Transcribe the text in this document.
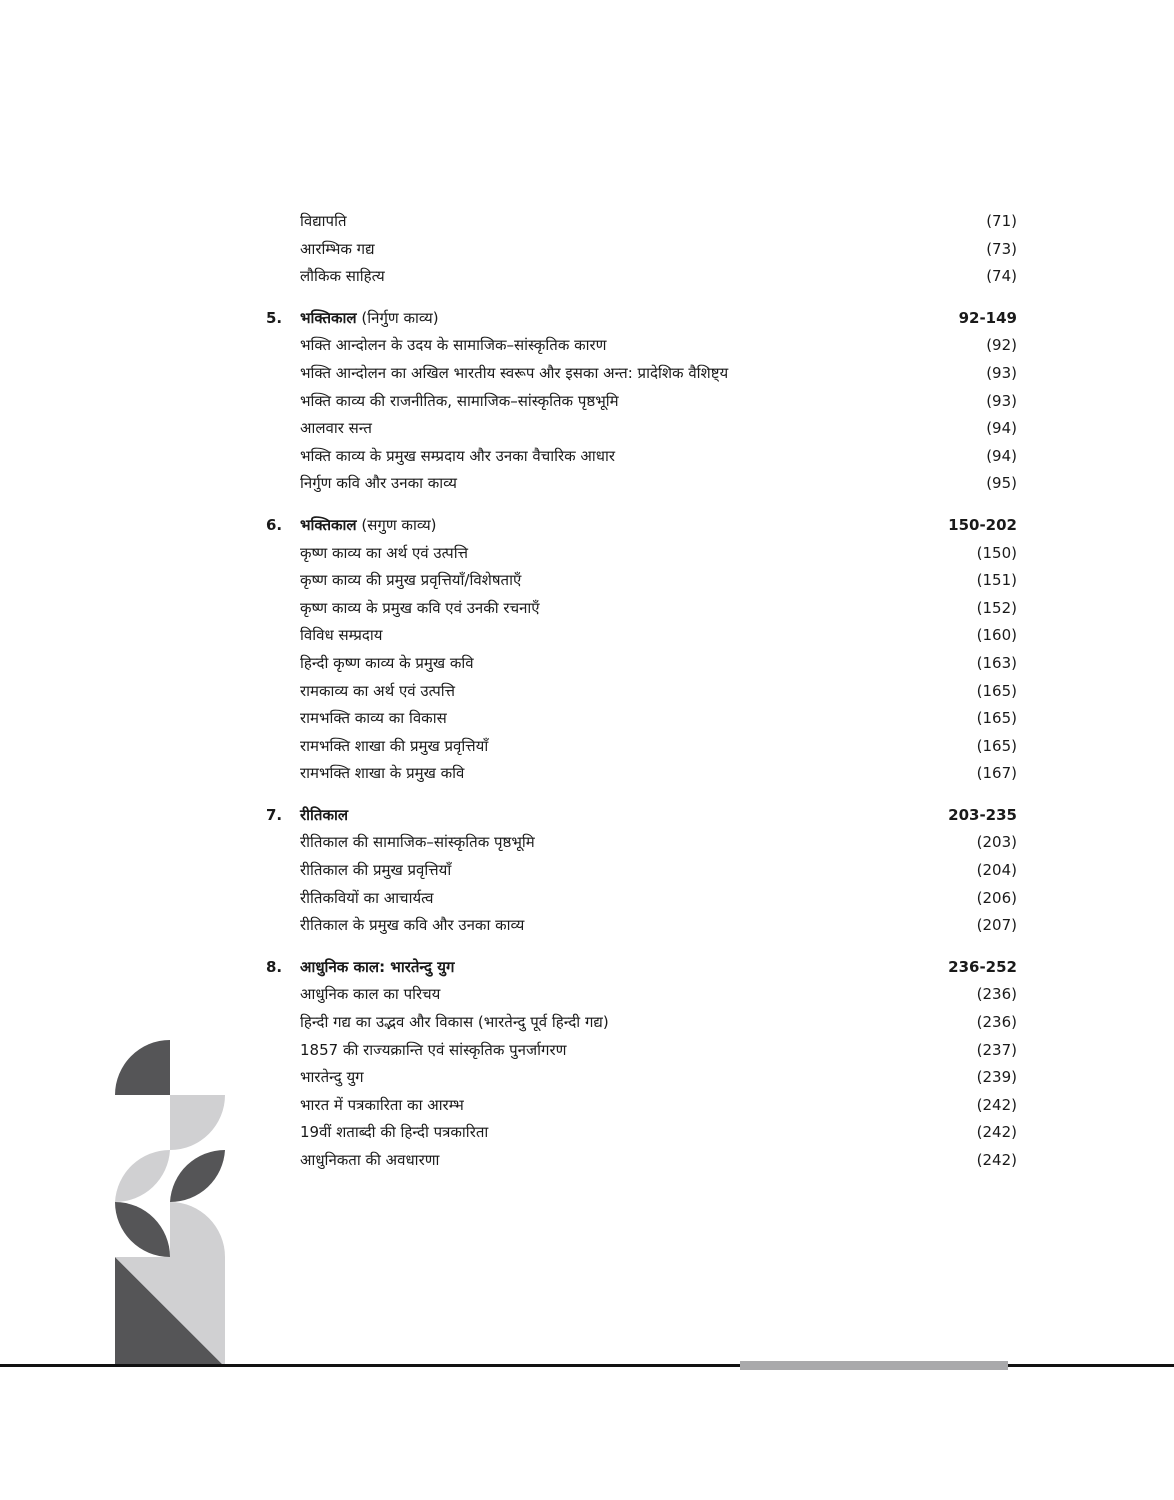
विद्यापति	(71)
आरम्भिक गद्य	(73)
लौकिक साहित्य	(74)
5. भक्तिकाल (निर्गुण काव्य)	92-149
भक्ति आन्दोलन के उदय के सामाजिक–सांस्कृतिक कारण	(92)
भक्ति आन्दोलन का अखिल भारतीय स्वरूप और इसका अन्त: प्रादेशिक वैशिष्ट्य	(93)
भक्ति काव्य की राजनीतिक, सामाजिक–सांस्कृतिक पृष्ठभूमि	(93)
आलवार सन्त	(94)
भक्ति काव्य के प्रमुख सम्प्रदाय और उनका वैचारिक आधार	(94)
निर्गुण कवि और उनका काव्य	(95)
6. भक्तिकाल (सगुण काव्य)	150-202
कृष्ण काव्य का अर्थ एवं उत्पत्ति	(150)
कृष्ण काव्य की प्रमुख प्रवृत्तियाँ/विशेषताएँ	(151)
कृष्ण काव्य के प्रमुख कवि एवं उनकी रचनाएँ	(152)
विविध सम्प्रदाय	(160)
हिन्दी कृष्ण काव्य के प्रमुख कवि	(163)
रामकाव्य का अर्थ एवं उत्पत्ति	(165)
रामभक्ति काव्य का विकास	(165)
रामभक्ति शाखा की प्रमुख प्रवृत्तियाँ	(165)
रामभक्ति शाखा के प्रमुख कवि	(167)
7. रीतिकाल	203-235
रीतिकाल की सामाजिक–सांस्कृतिक पृष्ठभूमि	(203)
रीतिकाल की प्रमुख प्रवृत्तियाँ	(204)
रीतिकवियों का आचार्यत्व	(206)
रीतिकाल के प्रमुख कवि और उनका काव्य	(207)
8. आधुनिक काल: भारतेन्दु युग	236-252
आधुनिक काल का परिचय	(236)
हिन्दी गद्य का उद्भव और विकास (भारतेन्दु पूर्व हिन्दी गद्य)	(236)
1857 की राज्यक्रान्ति एवं सांस्कृतिक पुनर्जागरण	(237)
भारतेन्दु युग	(239)
भारत में पत्रकारिता का आरम्भ	(242)
19वीं शताब्दी की हिन्दी पत्रकारिता	(242)
आधुनिकता की अवधारणा	(242)
